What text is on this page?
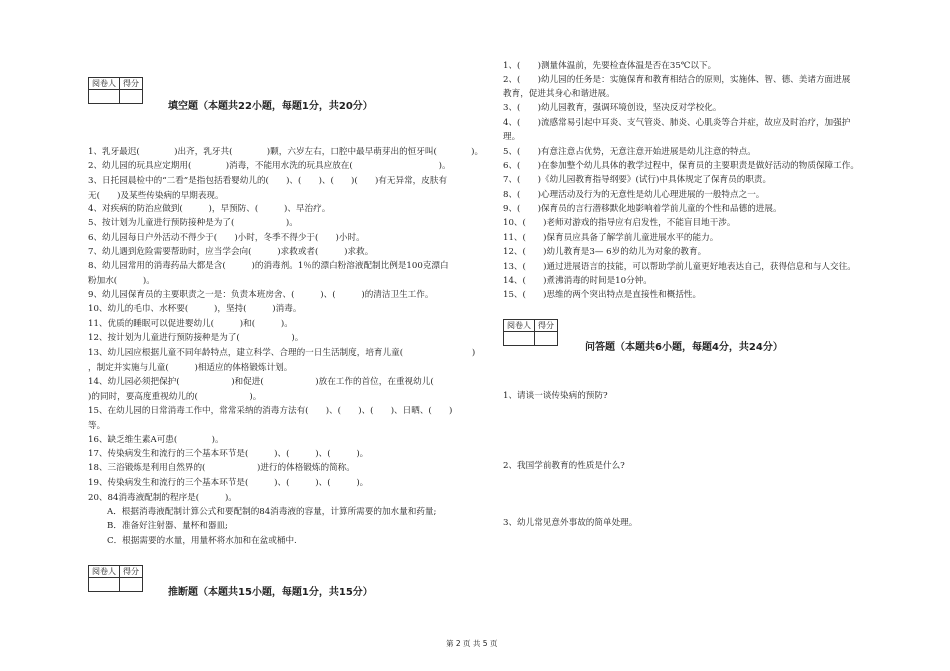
阅卷人	得分

填空题（本题共22小题，每题1分，共20分）
1、乳牙最迟(　　　　)出齐，乳牙共(　　　　)颗，六岁左右，口腔中最早萌芽出的恒牙叫(　　　　)。
2、幼儿园的玩具应定期用(　　　　)消毒，不能用水洗的玩具应放在(　　　　　　　　　　)。
3、日托园晨检中的“二看”是指包括看婴幼儿的(　　)、(　　)、(　　)(　　)有无异常，皮肤有
无(　　)及某些传染病的早期表现。
4、对疾病的防治应做到(　　　)，早预防、(　　　)、早治疗。
5、按计划为儿童进行预防接种是为了(　　　　　　)。
6、幼儿园每日户外活动不得少于(　　)小时，冬季不得少于(　　)小时。
7、幼儿遇到危险需要帮助时，应当学会向(　　　)求救或者(　　　)求救。
8、幼儿园常用的消毒药品大都是含(　　　)的消毒剂。1％的漂白粉溶液配制比例是100克漂白
粉加水(　　　)。
9、幼儿园保育员的主要职责之一是：负责本班房舍、(　　　)、(　　　)的清洁卫生工作。
10、幼儿的毛巾、水杯要(　　　)，坚持(　　　)消毒。
11、优质的睡眠可以促进婴幼儿(　　　)和(　　　)。
12、按计划为儿童进行预防接种是为了(　　　　　　)。
13、幼儿园应根据儿童不同年龄特点，建立科学、合理的一日生活制度，培育儿童(　　　　　　　　)
，制定并实施与儿童(　　　)相适应的体格锻炼计划。
14、幼儿园必须把保护(　　　　　　)和促进(　　　　　　)放在工作的首位，在重视幼儿(　　　
)的同时，要高度重视幼儿的(　　　　　　)。
15、在幼儿园的日常消毒工作中，常常采纳的消毒方法有(　　)、(　　)、(　　)、日晒、(　　)
等。
16、缺乏维生素A可患(　　　　)。
17、传染病发生和流行的三个基本环节是(　　　)、(　　　)、(　　　)。
18、三浴锻炼是利用自然界的(　　　　　　)进行的体格锻炼的简称。
19、传染病发生和流行的三个基本环节是(　　　)、(　　　)、(　　　)。
20、84消毒液配制的程序是(　　　)。
A．根据消毒液配制计算公式和要配制的84消毒液的容量，计算所需要的加水量和药量;
B．准备好注射器、量杯和器皿;
C．根据需要的水量，用量杯将水加和在盆或桶中.
阅卷人	得分

推断题（本题共15小题，每题1分，共15分）
1、(　　)测量体温前，先要检查体温是否在35℃以下。
2、(　　)幼儿园的任务是：实施保育和教育相结合的原则，实施体、智、德、美诸方面进展
教育，促进其身心和谐进展。
3、(　　)幼儿园教育，强调环境创设，坚决反对学校化。
4、(　　)流感常易引起中耳炎、支气管炎、肺炎、心肌炎等合并症，故应及时治疗，加强护
理。
5、(　　)有意注意占优势，无意注意开始进展是幼儿注意的特点。
6、(　　)在参加整个幼儿具体的教学过程中，保育员的主要职责是做好活动的物质保障工作。
7、(　　)《幼儿园教育指导纲要》(试行)中具体规定了保育员的职责。
8、(　　)心理活动及行为的无意性是幼儿心理进展的一般特点之一。
9、(　　)保育员的言行潜移默化地影响着学前儿童的个性和品德的进展。
10、(　　)老师对游戏的指导应有启发性，不能盲目地干涉。
11、(　　)保育员应具备了解学前儿童进展水平的能力。
12、(　　)幼儿教育是3— 6岁的幼儿为对象的教育。
13、(　　)通过进展语言的技能，可以帮助学前儿童更好地表达自己，获得信息和与人交往。
14、(　　)煮沸消毒的时间是10分钟。
15、(　　)思维的两个突出特点是直接性和概括性。
阅卷人	得分

问答题（本题共6小题，每题4分，共24分）
1、请谈一谈传染病的预防?
2、我国学前教育的性质是什么?
3、幼儿常见意外事故的简单处理。
第 2 页 共 5 页
